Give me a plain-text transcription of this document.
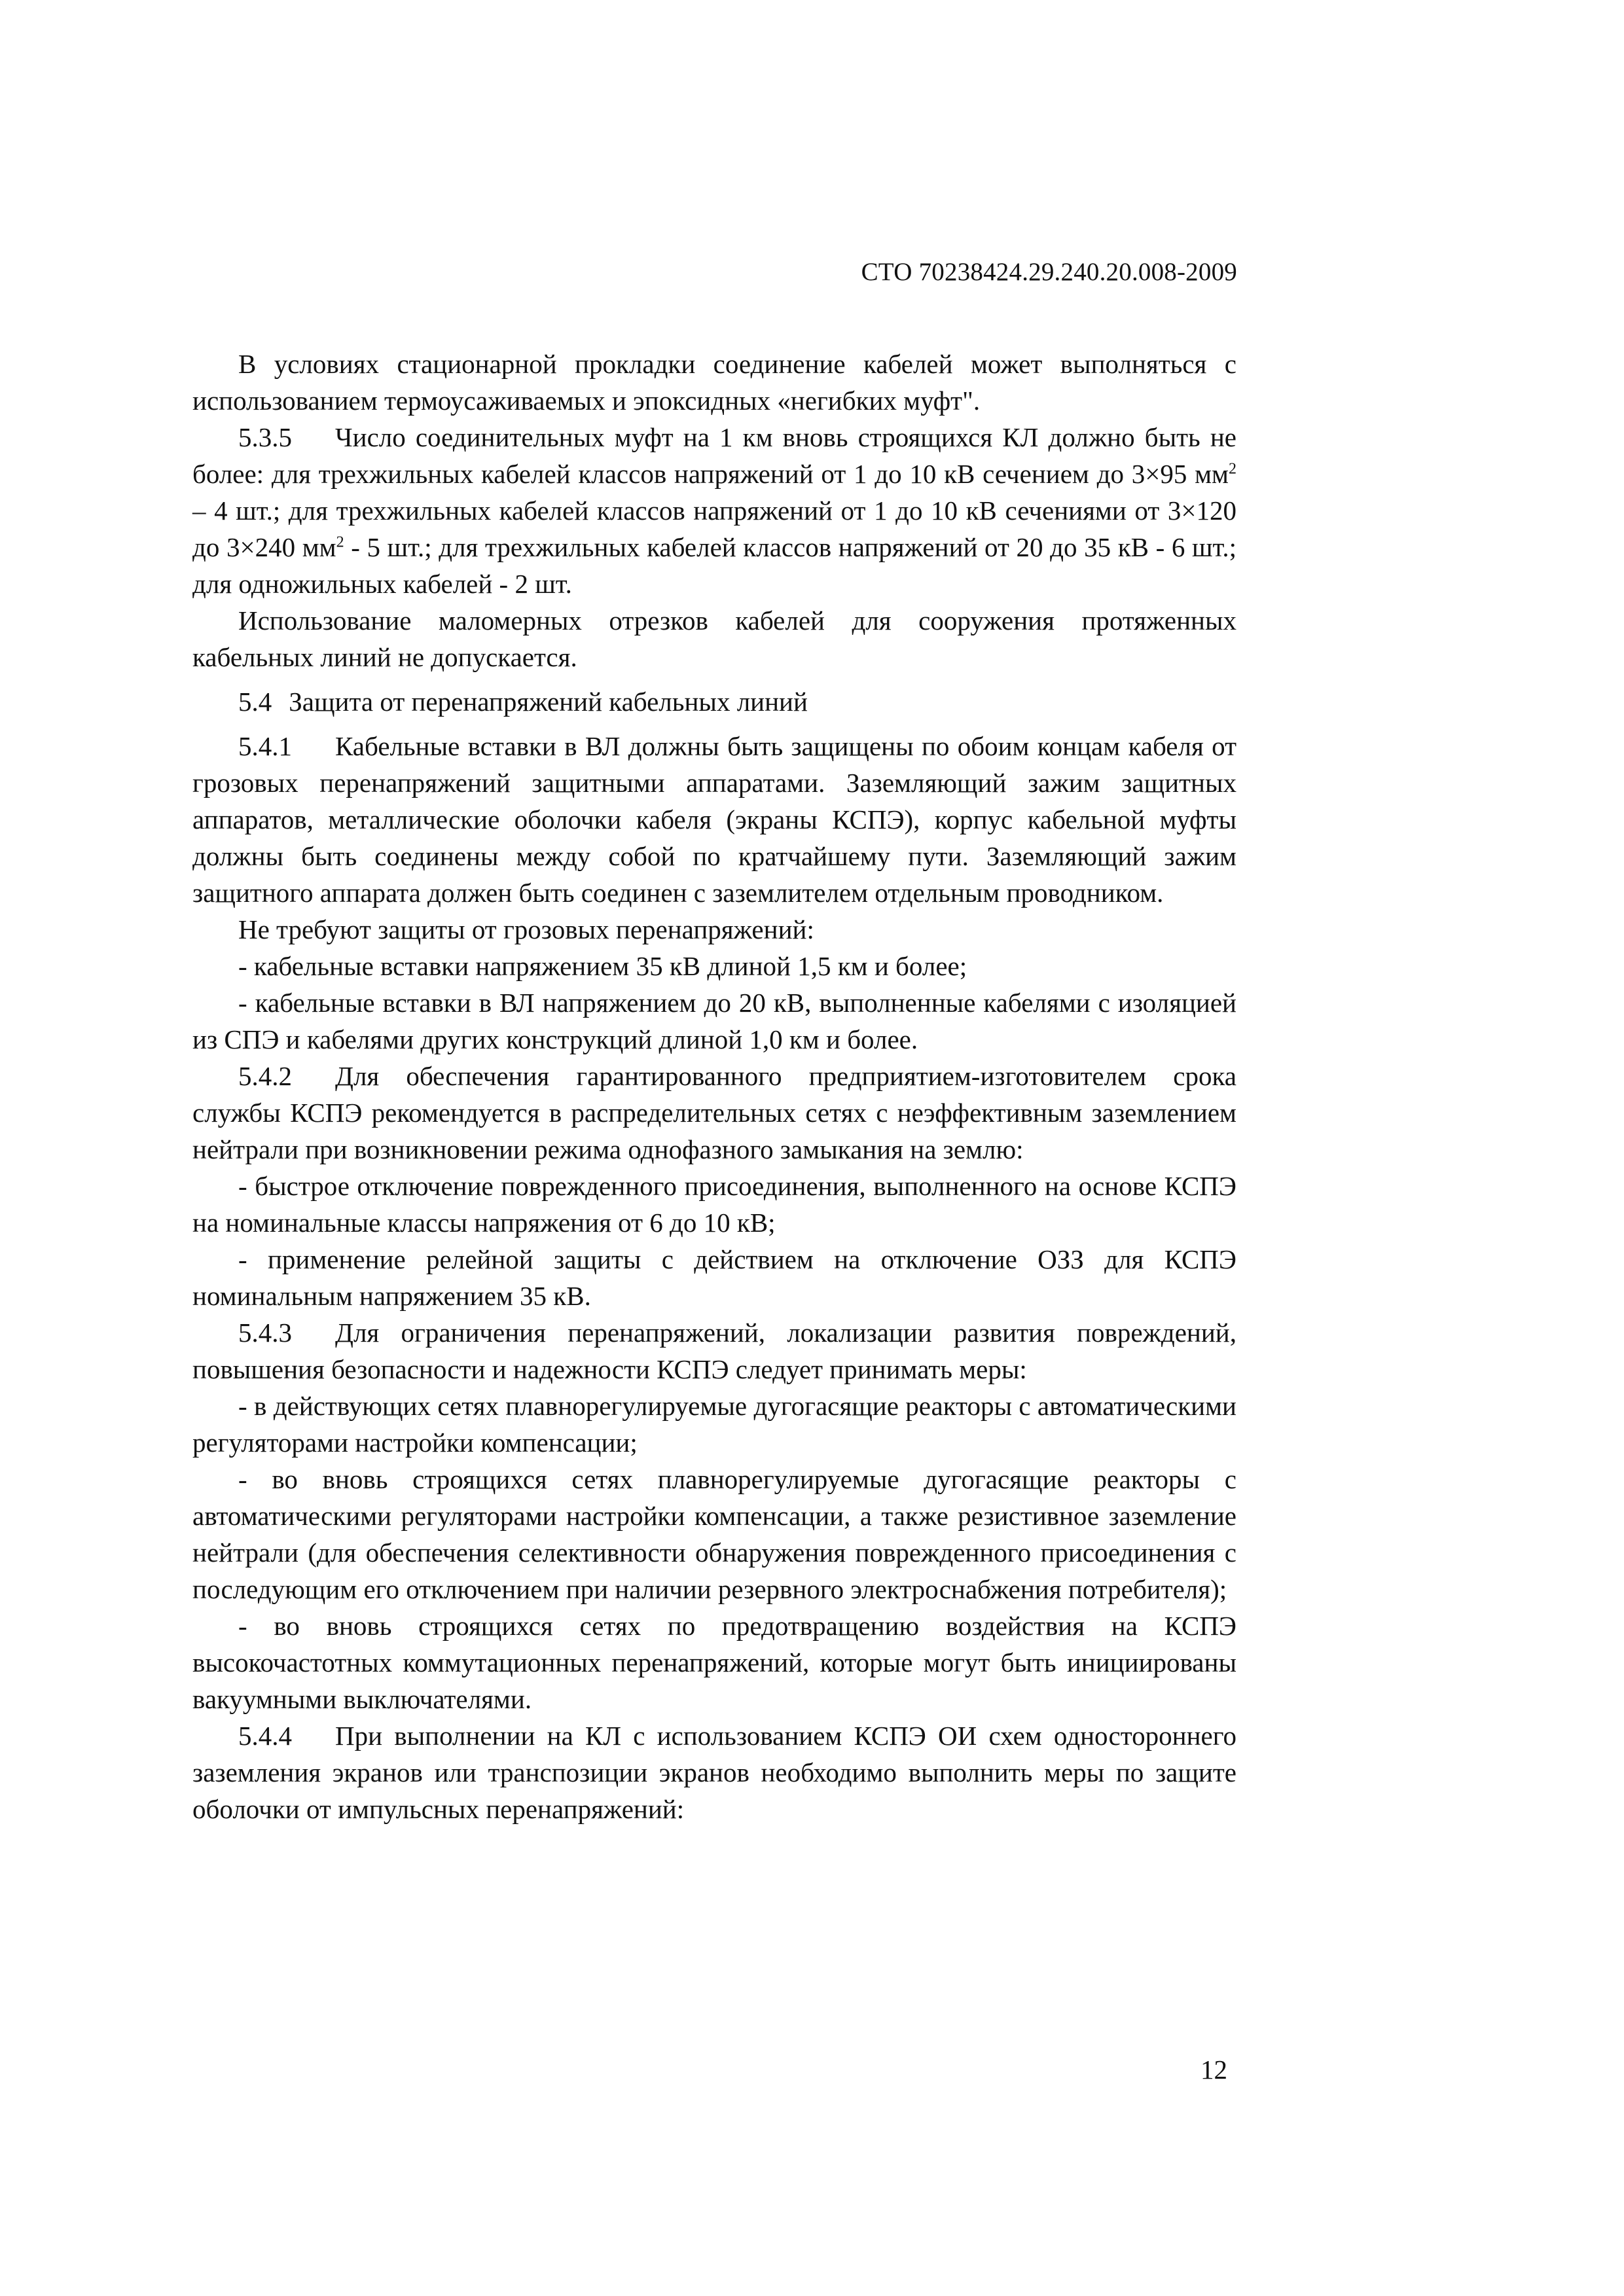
СТО 70238424.29.240.20.008-2009

В условиях стационарной прокладки соединение кабелей может выполняться с использованием термоусаживаемых и эпоксидных «негибких муфт".

5.3.5 Число соединительных муфт на 1 км вновь строящихся КЛ должно быть не более: для трехжильных кабелей классов напряжений от 1 до 10 кВ сечением до 3×95 $мм^2 - 4$ шт.; для трехжильных кабелей классов напряжений от 1 до 10 кВ сечениями от 3×120 до 3×240 $мм^2 - 5$ шт.; для трехжильных кабелей классов напряжений от 20 до 35 кВ - 6 шт.; для одножильных кабелей - 2 шт.

Использование маломерных отрезков кабелей для сооружения протяженных кабельных линий не допускается.

5.4 Защита от перенапряжений кабельных линий

5.4.1 Кабельные вставки в ВЛ должны быть защищены по обоим концам кабеля от грозовых перенапряжений защитными аппаратами. Заземляющий зажим защитных аппаратов, металлические оболочки кабеля (экраны КСПЭ), корпус кабельной муфты должны быть соединены между собой по кратчайшему пути. Заземляющий зажим защитного аппарата должен быть соединен с заземлителем отдельным проводником.

Не требуют защиты от грозовых перенапряжений:

- кабельные вставки напряжением 35 кВ длиной 1,5 км и более;

- кабельные вставки в ВЛ напряжением до 20 кВ, выполненные кабелями с изоляцией из СПЭ и кабелями других конструкций длиной 1,0 км и более.

5.4.2 Для обеспечения гарантированного предприятием-изготовителем срока службы КСПЭ рекомендуется в распределительных сетях с неэффективным заземлением нейтрали при возникновении режима однофазного замыкания на землю:

- быстрое отключение поврежденного присоединения, выполненного на основе КСПЭ на номинальные классы напряжения от 6 до 10 кВ;

- применение релейной защиты с действием на отключение ОЗЗ для КСПЭ номинальным напряжением 35 кВ.

5.4.3 Для ограничения перенапряжений, локализации развития повреждений, повышения безопасности и надежности КСПЭ следует принимать меры:

- в действующих сетях плавнорегулируемые дугогасящие реакторы с автоматическими регуляторами настройки компенсации;

- во вновь строящихся сетях плавнорегулируемые дугогасящие реакторы с автоматическими регуляторами настройки компенсации, а также резистивное заземление нейтрали (для обеспечения селективности обнаружения поврежденного присоединения с последующим его отключением при наличии резервного электроснабжения потребителя);

- во вновь строящихся сетях по предотвращению воздействия на КСПЭ высокочастотных коммутационных перенапряжений, которые могут быть инициированы вакуумными выключателями.

5.4.4 При выполнении на КЛ с использованием КСПЭ ОИ схем одностороннего заземления экранов или транспозиции экранов необходимо выполнить меры по защите оболочки от импульсных перенапряжений:

12
